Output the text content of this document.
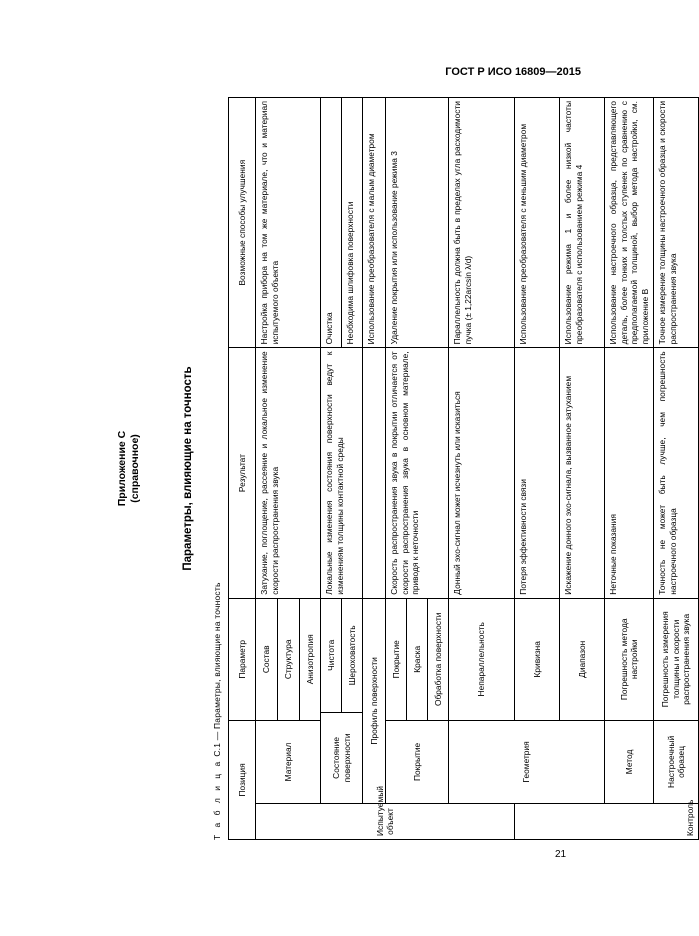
ГОСТ Р ИСО 16809—2015
Приложение С (справочное)	Параметры, влияющие на точность
Т а б л и ц а С.1 — Параметры, влияющие на точность
Позиция		Параметр		Результат	Возможные способы улучшения
Испытуемый объект	Материал	Состав		Затухание, поглощение, рассеяние и локальное изменение скорости распространения звука	Настройка прибора на том же материале, что и материал испытуемого объекта
		Структура			
		Анизотропия			
	Состояние поверхности		Чистота	Локальные изменения состояния поверхности ведут к изменениям толщины контактной среды	Очистка
			Шероховатость		Необходима шлифовка поверхности
	Профиль поверхности				Использование преобразователя с малым диаметром
	Покрытие	Покрытие		Скорость распространения звука в покрытии отличается от скорости распространения звука в основном материале, приводя к неточности	Удаление покрытия или использование режима 3
		Краска			
		Обработка поверхности			
	Геометрия	Непараллельность		Донный эхо-сигнал может исчезнуть или исказиться	Параллельность должна быть в пределах угла расходимости пучка (± 1,22arcsin λ/d)
Контроль		Кривизна		Потеря эффективности связи	Использование преобразователя с меньшим диаметром
		Диапазон		Искажение донного эхо-сигнала, вызванное затуханием	Использование режима 1 и более низкой частоты преобразователя с использованием режима 4
	Метод	Погрешность метода настройки		Неточные показания	Использование настроечного образца, представляющего деталь, более тонких и толстых ступенек по сравнению с предполагаемой толщиной, выбор метода настройки, см. приложение В
	Настроечный образец	Погрешность измерения толщины и скорости распространения звука		Точность не может быть лучше, чем погрешность настроечного образца	Точное измерение толщины настроечного образца и скорости распространения звука
21
